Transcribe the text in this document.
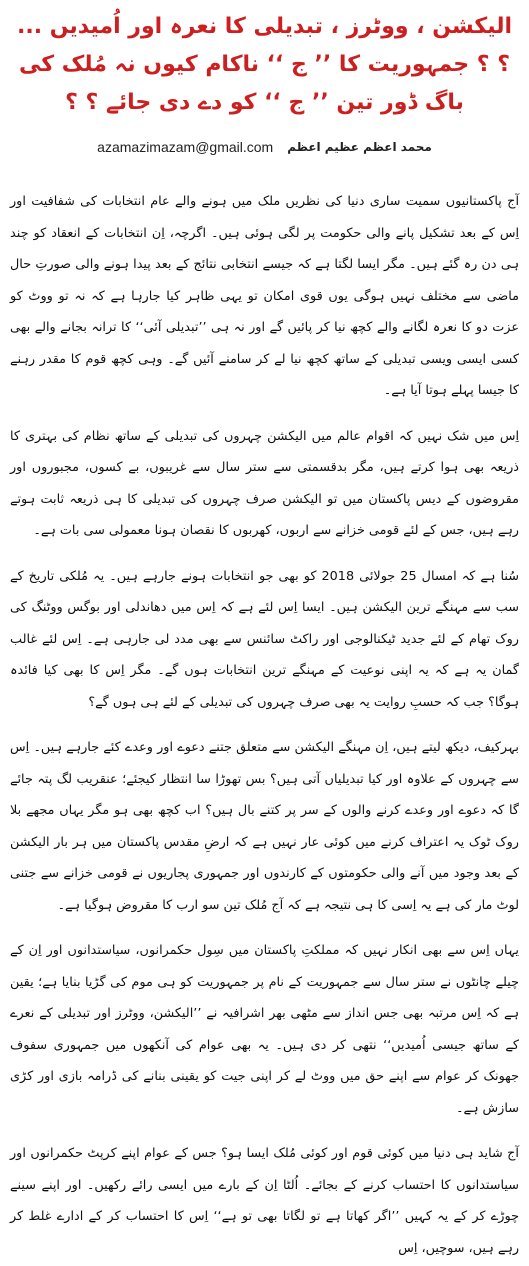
الیکشن ، ووٹرز ، تبدیلی کا نعرہ اور اُمیدیں ... ؟ ؟ جمہوریت کا ’’ ج ‘‘ ناکام کیوں نہ مُلک کی باگ ڈور تین ’’ ج ‘‘ کو دے دی جائے ؟ ؟
azamazimazam@gmail.com محمد اعظم عظیم اعظم

آج پاکستانیوں سمیت ساری دنیا کی نظریں ملک میں ہونے والے عام انتخابات کی شفافیت اور اِس کے بعد تشکیل پانے والی حکومت پر لگی ہوئی ہیں۔ اگرچہ، اِن انتخابات کے انعقاد کو چند ہی دن رہ گئے ہیں۔ مگر ایسا لگتا ہے کہ جیسے انتخابی نتائج کے بعد پیدا ہونے والی صورتِ حال ماضی سے مختلف نہیں ہوگی یوں قوی امکان تو یہی ظاہر کیا جارہا ہے کہ نہ تو ووٹ کو عزت دو کا نعرہ لگانے والے کچھ نیا کر پائیں گے اور نہ ہی ’’تبدیلی آئی‘‘ کا ترانہ بجانے والے بھی کسی ایسی ویسی تبدیلی کے ساتھ کچھ نیا لے کر سامنے آئیں گے۔ وہی کچھ قوم کا مقدر رہنے کا جیسا پہلے ہوتا آیا ہے۔

اِس میں شک نہیں کہ اقوام عالم میں الیکشن چہروں کی تبدیلی کے ساتھ نظام کی بہتری کا ذریعہ بھی ہوا کرتے ہیں، مگر بدقسمتی سے ستر سال سے غریبوں، بے کسوں، مجبوروں اور مقروضوں کے دیس پاکستان میں تو الیکشن صرف چہروں کی تبدیلی کا ہی ذریعہ ثابت ہوتے رہے ہیں، جس کے لئے قومی خزانے سے اربوں، کھربوں کا نقصان ہونا معمولی سی بات ہے۔

سُنا ہے کہ امسال 25 جولائی 2018 کو بھی جو انتخابات ہونے جارہے ہیں۔ یہ مُلکی تاریخ کے سب سے مہنگے ترین الیکشن ہیں۔ ایسا اِس لئے ہے کہ اِس میں دھاندلی اور بوگس ووٹنگ کی روک تھام کے لئے جدید ٹیکنالوجی اور راکٹ سائنس سے بھی مدد لی جارہی ہے۔ اِس لئے غالب گمان یہ ہے کہ یہ اپنی نوعیت کے مہنگے ترین انتخابات ہوں گے۔ مگر اِس کا بھی کیا فائدہ ہوگا؟ جب کہ حسبِ روایت یہ بھی صرف چہروں کی تبدیلی کے لئے ہی ہوں گے؟

بہرکیف، دیکھ لیتے ہیں، اِن مہنگے الیکشن سے متعلق جتنے دعوے اور وعدے کئے جارہے ہیں۔ اِس سے چہروں کے علاوہ اور کیا تبدیلیاں آتی ہیں؟ بس تھوڑا سا انتظار کیجئے؛ عنقریب لگ پتہ جائے گا کہ دعوے اور وعدے کرنے والوں کے سر پر کتنے بال ہیں؟ اب کچھ بھی ہو مگر یہاں مجھے بلا روک ٹوک یہ اعتراف کرنے میں کوئی عار نہیں ہے کہ ارضِ مقدس پاکستان میں ہر بار الیکشن کے بعد وجود میں آنے والی حکومتوں کے کارندوں اور جمہوری پجاریوں نے قومی خزانے سے جتنی لوٹ مار کی ہے یہ اِسی کا ہی نتیجہ ہے کہ آج مُلک تین سو ارب کا مقروض ہوگیا ہے۔

یہاں اِس سے بھی انکار نہیں کہ مملکتِ پاکستان میں سِول حکمرانوں، سیاستدانوں اور اِن کے چیلے چانٹوں نے ستر سال سے جمہوریت کے نام پر جمہوریت کو ہی موم کی گڑیا بنایا ہے؛ یقین ہے کہ اِس مرتبہ بھی جس انداز سے مٹھی بھر اشرافیہ نے ’’الیکشن، ووٹرز اور تبدیلی کے نعرے کے ساتھ جیسی اُمیدیں‘‘ نتھی کر دی ہیں۔ یہ بھی عوام کی آنکھوں میں جمہوری سفوف جھونک کر عوام سے اپنے حق میں ووٹ لے کر اپنی جیت کو یقینی بنانے کی ڈرامہ بازی اور کڑی سازش ہے۔

آج شاید ہی دنیا میں کوئی قوم اور کوئی مُلک ایسا ہو؟ جس کے عوام اپنے کرپٹ حکمرانوں اور سیاستدانوں کا احتساب کرنے کے بجائے۔ اُلٹا اِن کے بارے میں ایسی رائے رکھیں۔ اور اپنے سینے چوڑے کر کے یہ کہیں ’’اگر کھاتا ہے تو لگاتا بھی تو ہے‘‘ اِس کا احتساب کر کے ادارے غلط کر رہے ہیں، سوچیں، اِس
